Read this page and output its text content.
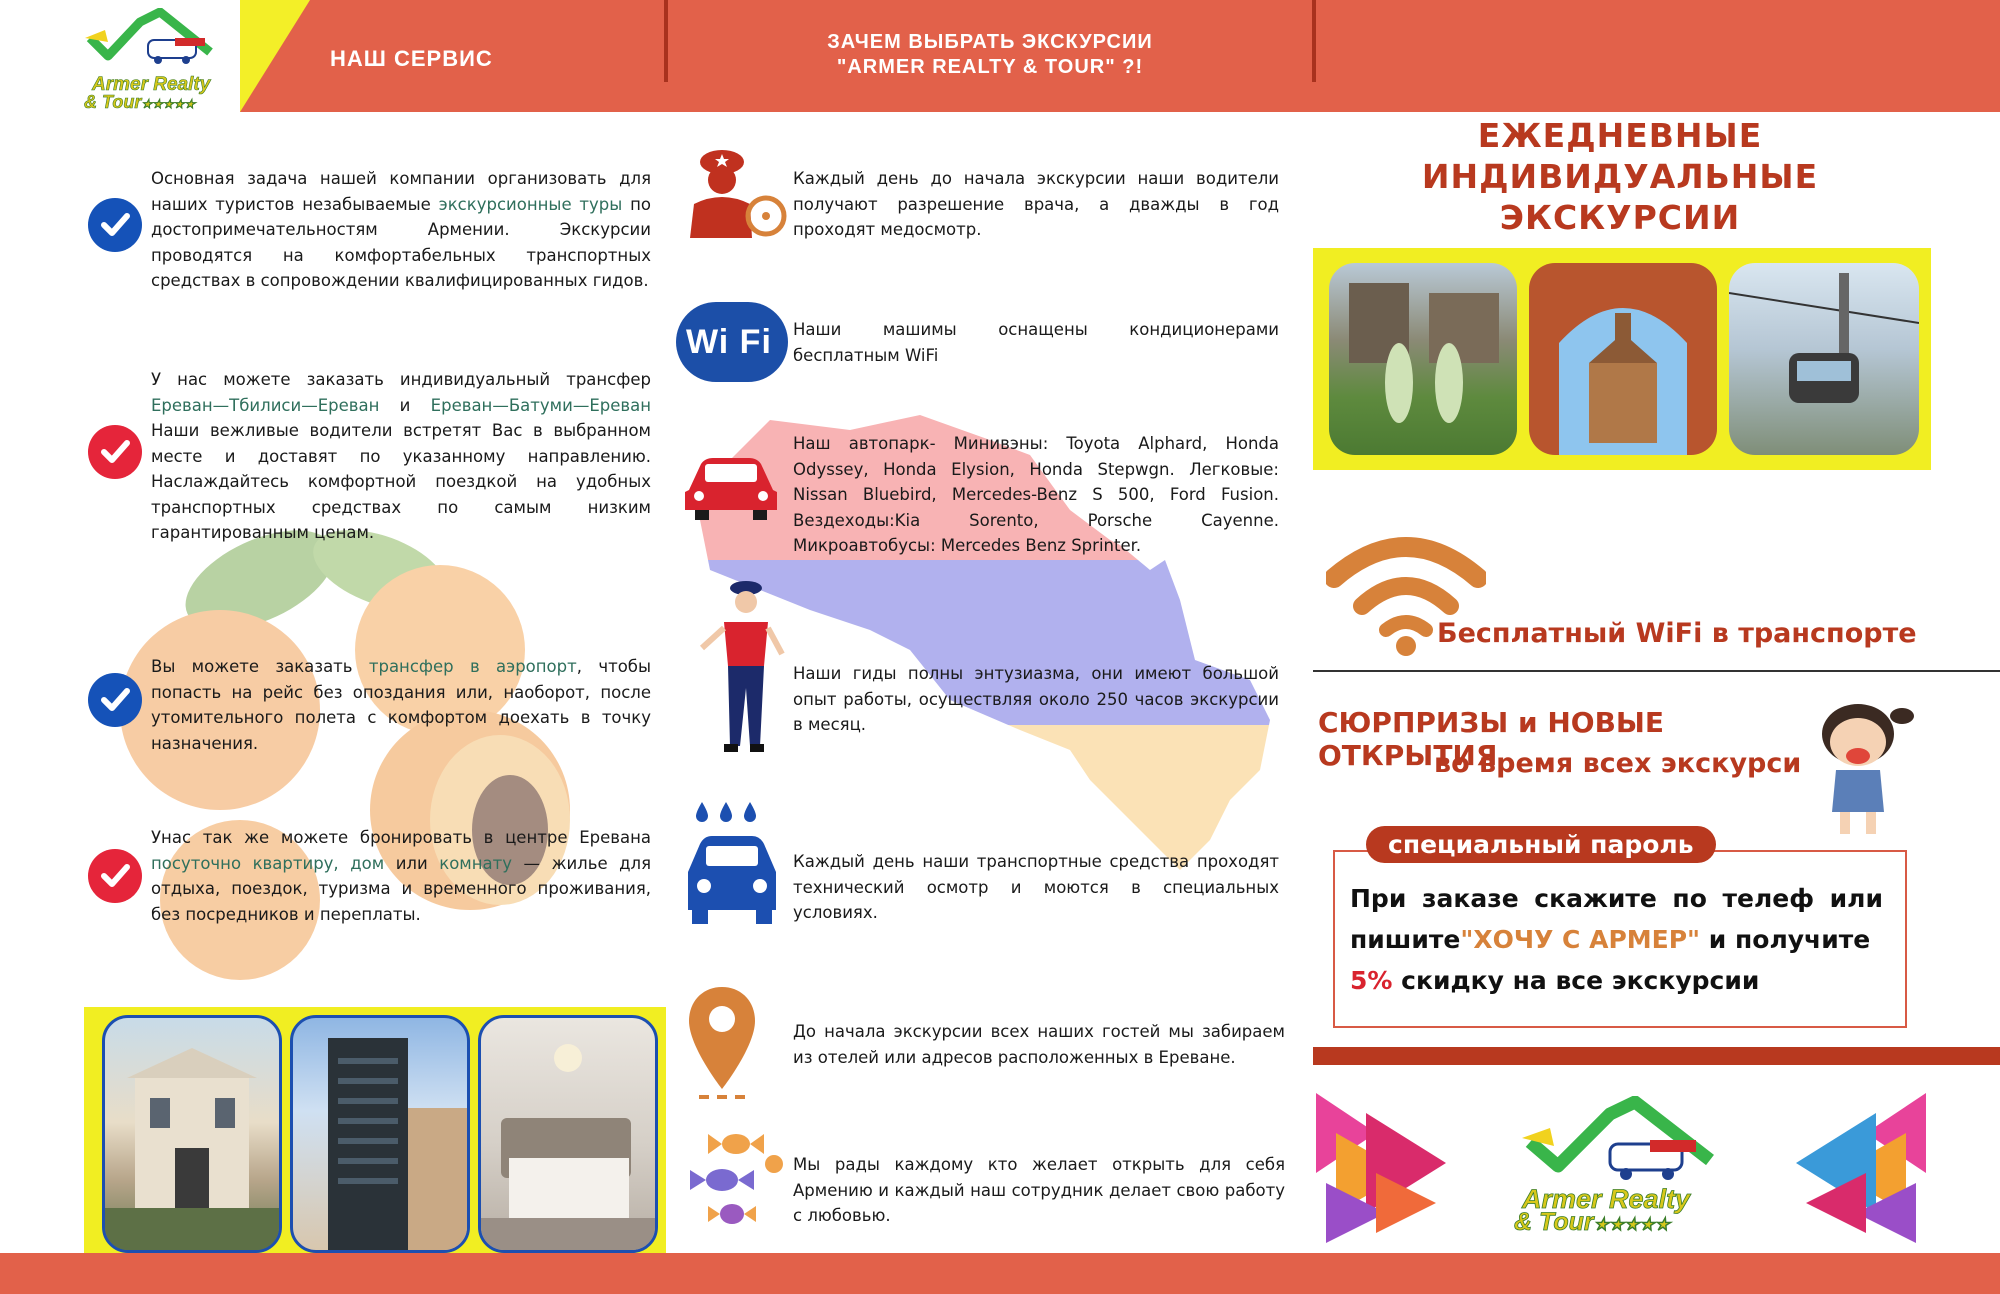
Armer Realty
& Tour★★★★★
НАШ СЕРВИС
ЗАЧЕМ ВЫБРАТЬ ЭКСКУРСИИ
"ARMER REALTY & TOUR" ?!
Основная задача нашей компании организовать для наших туристов незабываемые экскурсионные туры по достопримечательностям Армении. Экскурсии проводятся на комфортабельных транспортных средствах в сопровождении квалифицированных гидов.
У нас можете заказать индивидуальный трансфер Ереван—Тбилиси—Ереван и Ереван—Батуми—Ереван Наши вежливые водители встретят Вас в выбранном месте и доставят по указанному направлению. Наслаждайтесь комфортной поездкой на удобных транспортных средствах по самым низким гарантированным ценам.
Вы можете заказать трансфер в аэропорт, чтобы попасть на рейс без опоздания или, наоборот, после утомительного полета с комфортом доехать в точку назначения.
Унас так же можете бронировать в центре Еревана посуточно квартиру, дом или комнату — жилье для отдыха, поездок, туризма и временного проживания, без посредников и переплаты.
Каждый день до начала экскурсии наши водители получают разрешение врача, а дважды в год проходят медосмотр.
Wi Fi Наши машимы оснащены кондиционерами бесплатным WiFi
Наш автопарк- Минивэны: Toyota Alphard, Honda Odyssey, Honda Elysion, Honda Stepwgn. Легковые: Nissan Bluebird, Mercedes-Benz S 500, Ford Fusion. Вездеходы:Kia Sorento, Porsche Cayenne. Микроавтобусы: Mercedes Benz Sprinter.
Наши гиды полны энтузиазма, они имеют большой опыт работы, осуществляя около 250 часов экскурсии в месяц.
Каждый день наши транспортные средства проходят технический осмотр и моются в специальных условиях.
До начала экскурсии всех наших гостей мы забираем из отелей или адресов расположенных в Ереване.
Мы рады каждому кто желает открыть для себя Армению и каждый наш сотрудник делает свою работу с любовью.
ЕЖЕДНЕВНЫЕ
ИНДИВИДУАЛЬНЫЕ
ЭКСКУРСИИ
Бесплатный WiFi в транспорте
СЮРПРИЗЫ и НОВЫЕ ОТКРЫТИЯ
во время всех экскурси
специальный пароль
При заказе скажите по телеф или пишите"ХОЧУ С АРМЕР" и получите
5% скидку на все экскурсии
Armer Realty
& Tour★★★★★
